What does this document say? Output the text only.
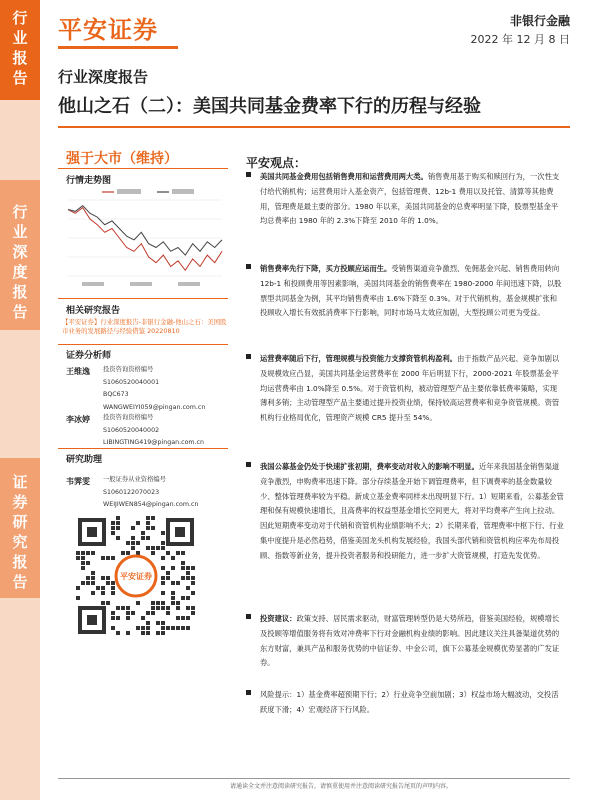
行
业
报
告
行
业
深
度
报
告
证
券
研
究
报
告
平安证券	非银行金融
2022 年 12 月 8 日
行业深度报告
他山之石（二）：美国共同基金费率下行的历程与经验
强于大市（维持）
行情走势图
相关研究报告
【平安证券】行业深度报告-非银行金融-他山之石：美国股市业务的发展路径与经验借鉴 20220810
证券分析师
王维逸 投资咨询资格编号
S1060520040001
BQC673
WANGWEIYI059@pingan.com.cn
李冰婷 投资咨询资格编号
S1060520040002
LIBINGTING419@pingan.com.cn
研究助理
韦霁雯 一般证券从业资格编号
S1060122070023
WEIJIWEN854@pingan.com.cn
平安证券
平安观点：
美国共同基金费用包括销售费用和运营费用两大类。销售费用基于购买和赎回行为，一次性支付给代销机构；运营费用计入基金资产，包括管理费、12b-1 费用以及托管、清算等其他费用，管理费是最主要的部分。1980 年以来，美国共同基金的总费率明显下降，股票型基金平均总费率由 1980 年的 2.3%下降至 2010 年的 1.0%。
销售费率先行下降，买方投顾应运而生。受销售渠道竞争激烈、免佣基金兴起、销售费用转向 12b-1 和投顾费用等因素影响，美国共同基金的销售费率在 1980-2000 年间迅速下降，以股票型共同基金为例，其平均销售费率由 1.6%下降至 0.3%。对于代销机构，基金规模扩张和投顾收入增长有效抵消费率下行影响，同时市场马太效应加剧，大型投顾公司更为受益。
运营费率随后下行，管理规模与投资能力支撑资管机构盈利。由于指数产品兴起、竞争加剧以及规模效应凸显，美国共同基金运营费率在 2000 年后明显下行，2000-2021 年股票基金平均运营费率由 1.0%降至 0.5%。对于资管机构，被动管理型产品主要依靠低费率策略，实现薄利多销；主动管理型产品主要通过提升投资业绩，保持较高运营费率和竞争资管规模。资管机构行业格局优化，管理资产规模 CR5 提升至 54%。
我国公募基金仍处于快速扩张初期，费率变动对收入的影响不明显。近年来我国基金销售渠道竞争激烈，申购费率迅速下降。部分存续基金开始下调管理费率，但下调费率的基金数量较少、整体管理费率较为平稳。新成立基金费率同样未出现明显下行。1）短期来看，公募基金管理和保有规模快速增长，且高费率的权益型基金增长空间更大，将对平均费率产生向上拉动。因此短期费率变动对于代销和资管机构业绩影响不大；2）长期来看，管理费率中枢下行、行业集中度提升是必然趋势，借鉴美国龙头机构发展经验，我国头部代销和资管机构应率先布局投顾、指数等新业务，提升投资者服务和投研能力，进一步扩大资管规模，打造先发优势。
投资建议：政策支持、居民需求驱动，财富管理转型仍是大势所趋，借鉴美国经验，规模增长及投顾等增值服务将有效对冲费率下行对金融机构业绩的影响。因此建议关注具备渠道优势的东方财富，兼具产品和服务优势的中信证券、中金公司，旗下公募基金规模优势显著的广发证券。
风险提示：1）基金费率超预期下行；2）行业竞争空前加剧；3）权益市场大幅波动，交投活跃度下滑；4）宏观经济下行风险。
请通读全文并注意阅读研究报告，请慎重使用并注意阅读研究报告尾页的声明内容。
